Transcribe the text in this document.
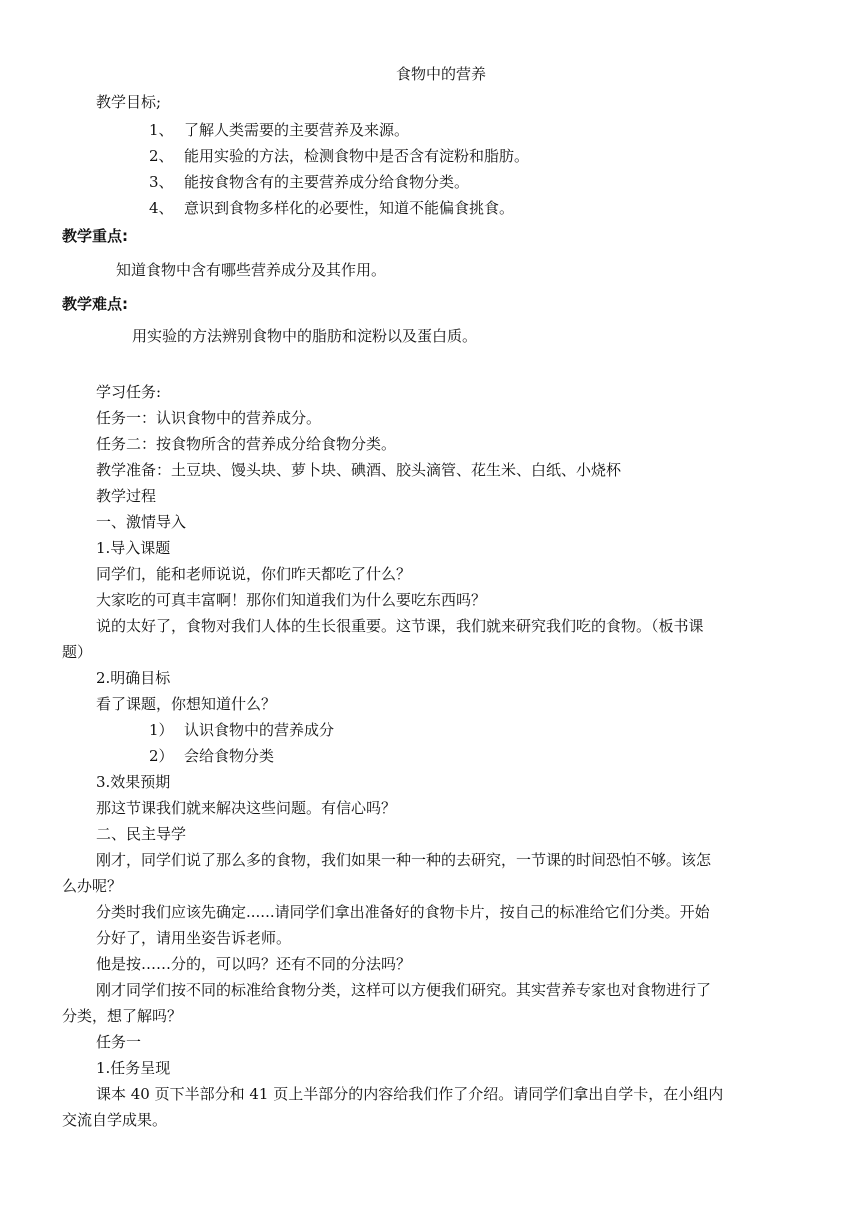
食物中的营养
教学目标;
1、 了解人类需要的主要营养及来源。
2、 能用实验的方法，检测食物中是否含有淀粉和脂肪。
3、 能按食物含有的主要营养成分给食物分类。
4、 意识到食物多样化的必要性，知道不能偏食挑食。
教学重点:
知道食物中含有哪些营养成分及其作用。
教学难点:
用实验的方法辨别食物中的脂肪和淀粉以及蛋白质。
学习任务:
任务一：认识食物中的营养成分。
任务二：按食物所含的营养成分给食物分类。
教学准备：土豆块、馒头块、萝卜块、碘酒、胶头滴管、花生米、白纸、小烧杯
教学过程
一、激情导入
1.导入课题
同学们，能和老师说说，你们昨天都吃了什么？
大家吃的可真丰富啊！那你们知道我们为什么要吃东西吗？
说的太好了，食物对我们人体的生长很重要。这节课，我们就来研究我们吃的食物。（板书课
题）
2.明确目标
看了课题，你想知道什么？
1） 认识食物中的营养成分
2） 会给食物分类
3.效果预期
那这节课我们就来解决这些问题。有信心吗？
二、民主导学
刚才，同学们说了那么多的食物，我们如果一种一种的去研究，一节课的时间恐怕不够。该怎
么办呢？
分类时我们应该先确定......请同学们拿出准备好的食物卡片，按自己的标准给它们分类。开始
分好了，请用坐姿告诉老师。
他是按……分的，可以吗？还有不同的分法吗？
刚才同学们按不同的标准给食物分类，这样可以方便我们研究。其实营养专家也对食物进行了
分类，想了解吗？
任务一
1.任务呈现
课本 40 页下半部分和 41 页上半部分的内容给我们作了介绍。请同学们拿出自学卡，在小组内
交流自学成果。
